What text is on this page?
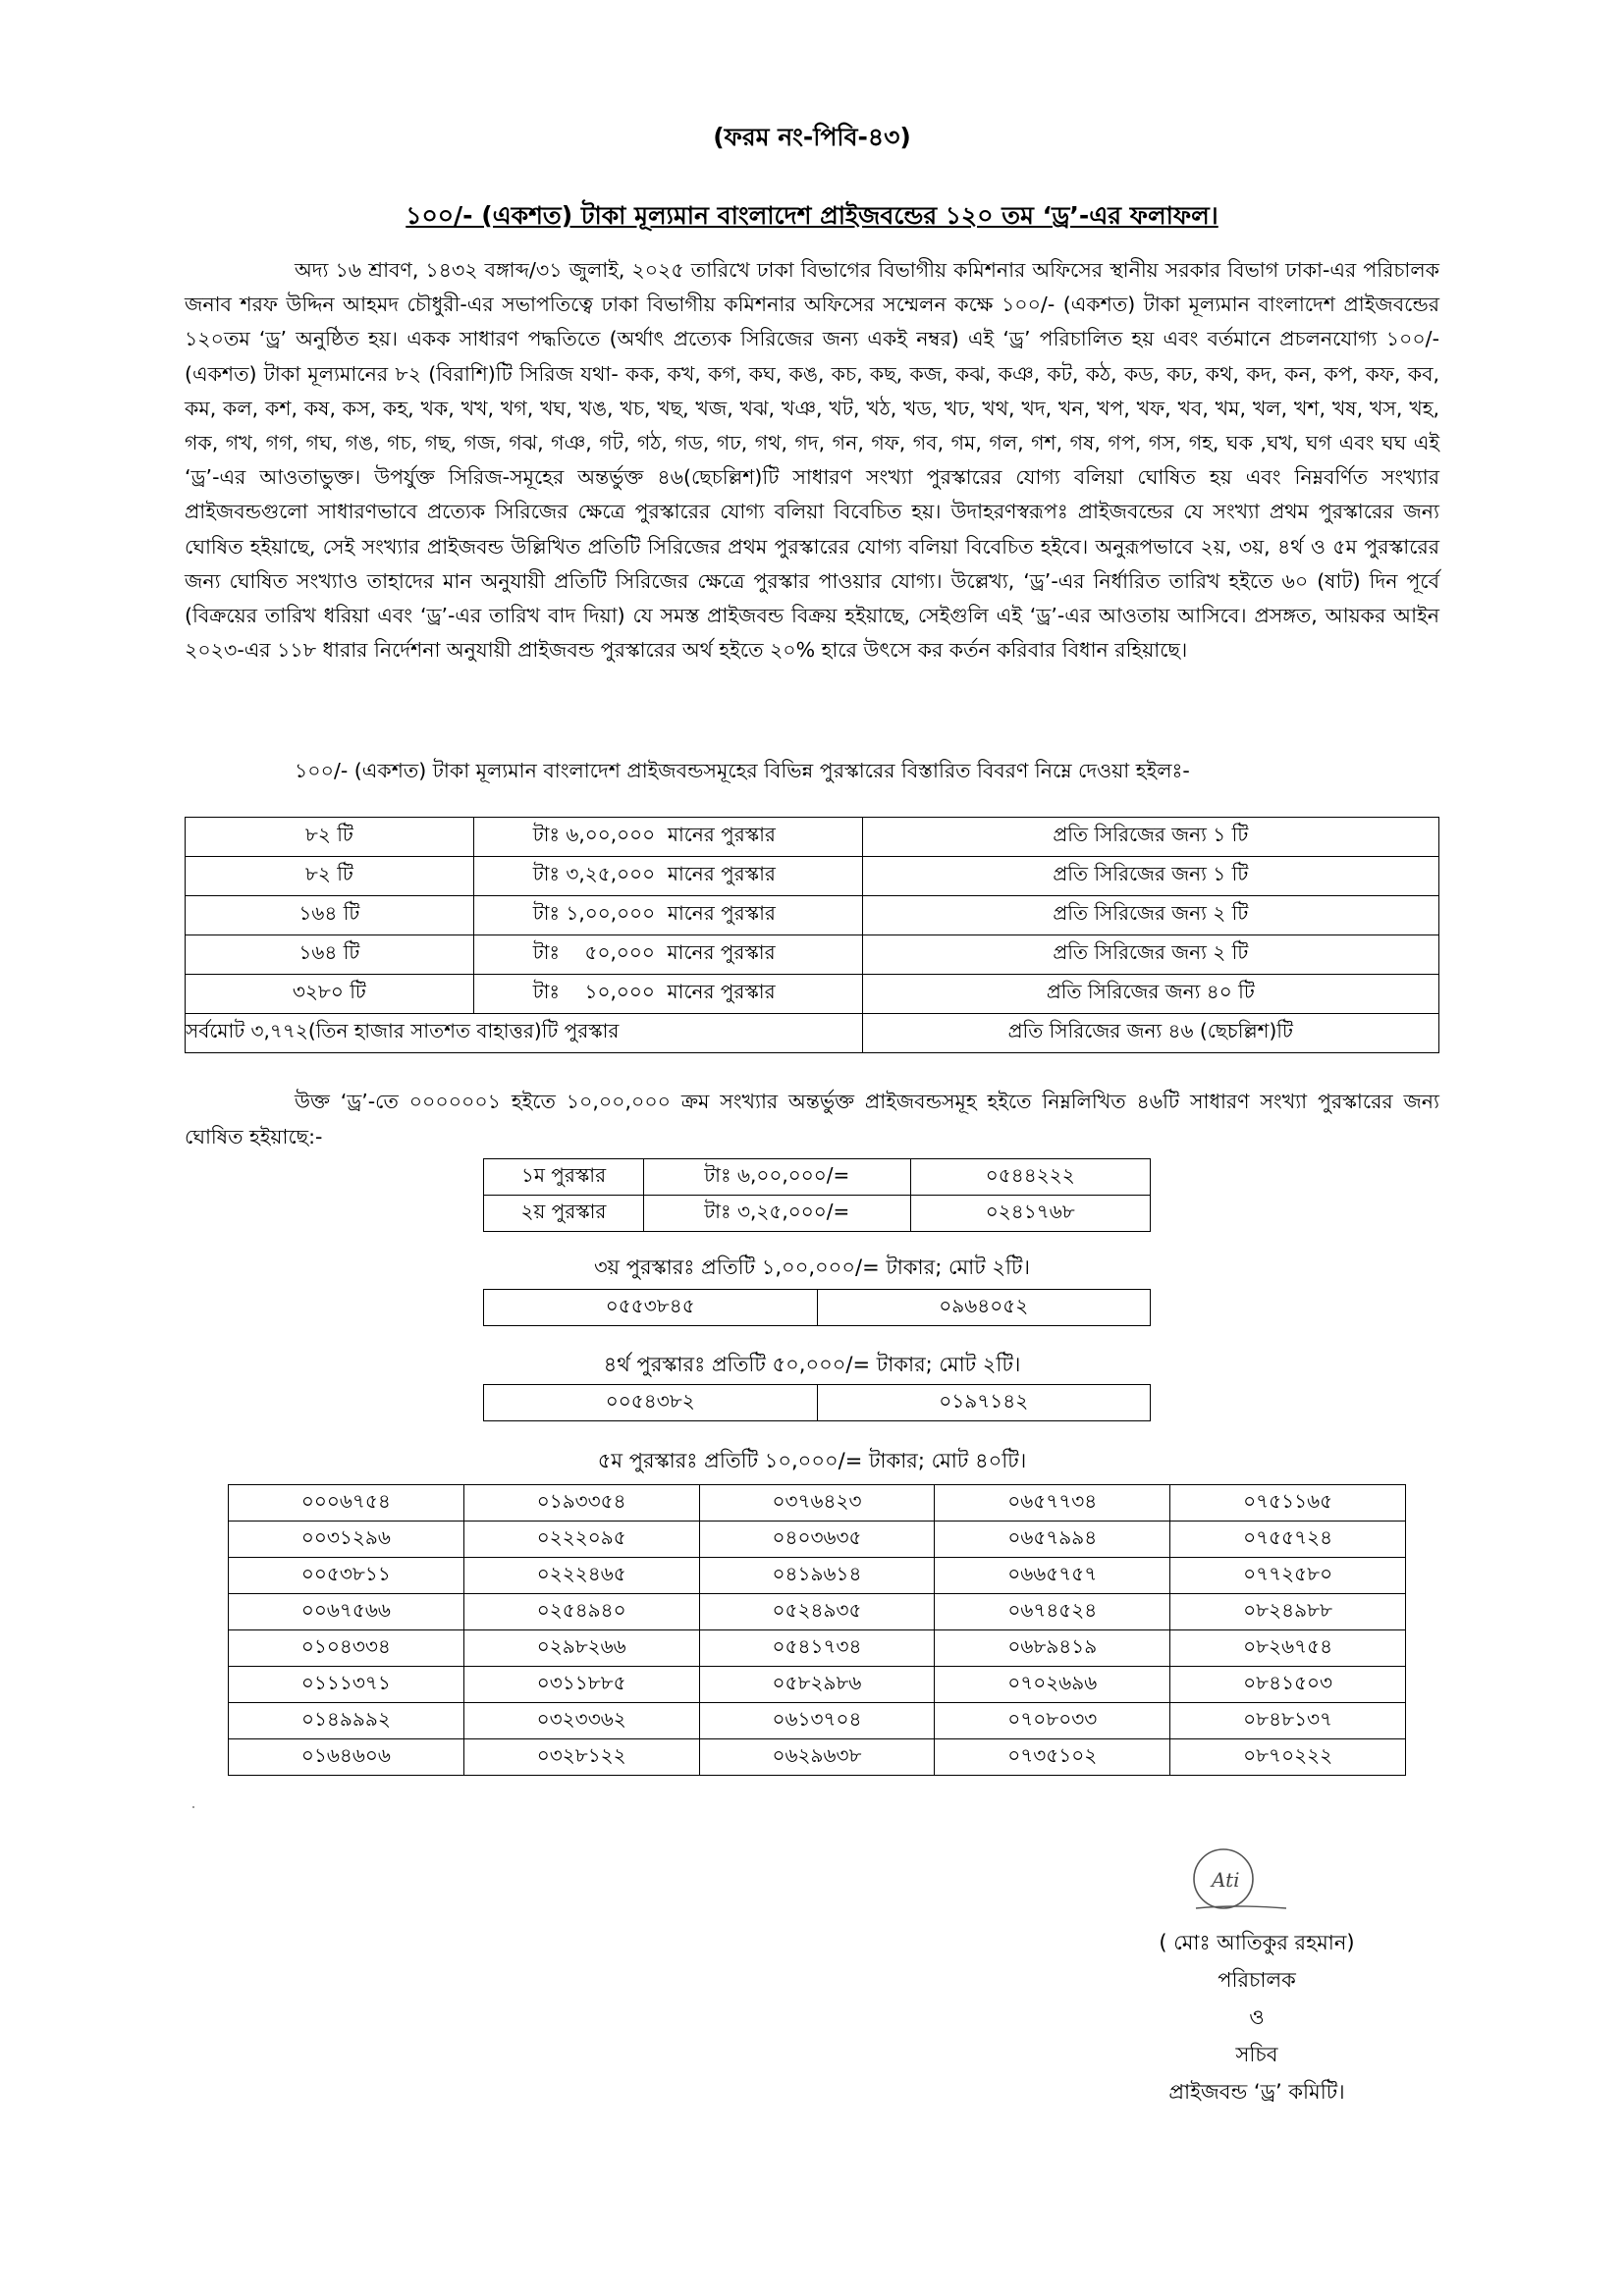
(ফরম নং-পিবি-৪৩)
১০০/- (একশত) টাকা মূল্যমান বাংলাদেশ প্রাইজবন্ডের ১২০ তম ‘ড্র’-এর ফলাফল।

অদ্য ১৬ শ্রাবণ, ১৪৩২ বঙ্গাব্দ/৩১ জুলাই, ২০২৫ তারিখে ঢাকা বিভাগের বিভাগীয় কমিশনার অফিসের স্থানীয় সরকার বিভাগ ঢাকা-এর পরিচালক জনাব শরফ উদ্দিন আহমদ চৌধুরী-এর সভাপতিত্বে ঢাকা বিভাগীয় কমিশনার অফিসের সম্মেলন কক্ষে ১০০/- (একশত) টাকা মূল্যমান বাংলাদেশ প্রাইজবন্ডের ১২০তম ‘ড্র’ অনুষ্ঠিত হয়। একক সাধারণ পদ্ধতিতে (অর্থাৎ প্রত্যেক সিরিজের জন্য একই নম্বর) এই ‘ড্র’ পরিচালিত হয় এবং বর্তমানে প্রচলনযোগ্য ১০০/- (একশত) টাকা মূল্যমানের ৮২ (বিরাশি)টি সিরিজ যথা- কক, কখ, কগ, কঘ, কঙ, কচ, কছ, কজ, কঝ, কঞ, কট, কঠ, কড, কঢ, কথ, কদ, কন, কপ, কফ, কব, কম, কল, কশ, কষ, কস, কহ, খক, খখ, খগ, খঘ, খঙ, খচ, খছ, খজ, খঝ, খঞ, খট, খঠ, খড, খঢ, খথ, খদ, খন, খপ, খফ, খব, খম, খল, খশ, খষ, খস, খহ, গক, গখ, গগ, গঘ, গঙ, গচ, গছ, গজ, গঝ, গঞ, গট, গঠ, গড, গঢ, গথ, গদ, গন, গফ, গব, গম, গল, গশ, গষ, গপ, গস, গহ, ঘক ,ঘখ, ঘগ এবং ঘঘ এই ‘ড্র’-এর আওতাভুক্ত। উপর্যুক্ত সিরিজ-সমূহের অন্তর্ভুক্ত ৪৬(ছেচল্লিশ)টি সাধারণ সংখ্যা পুরস্কারের যোগ্য বলিয়া ঘোষিত হয় এবং নিম্নবর্ণিত সংখ্যার প্রাইজবন্ডগুলো সাধারণভাবে প্রত্যেক সিরিজের ক্ষেত্রে পুরস্কারের যোগ্য বলিয়া বিবেচিত হয়। উদাহরণস্বরূপঃ প্রাইজবন্ডের যে সংখ্যা প্রথম পুরস্কারের জন্য ঘোষিত হইয়াছে, সেই সংখ্যার প্রাইজবন্ড উল্লিখিত প্রতিটি সিরিজের প্রথম পুরস্কারের যোগ্য বলিয়া বিবেচিত হইবে। অনুরূপভাবে ২য়, ৩য়, ৪র্থ ও ৫ম পুরস্কারের জন্য ঘোষিত সংখ্যাও তাহাদের মান অনুযায়ী প্রতিটি সিরিজের ক্ষেত্রে পুরস্কার পাওয়ার যোগ্য। উল্লেখ্য, ‘ড্র’-এর নির্ধারিত তারিখ হইতে ৬০ (ষাট) দিন পূর্বে (বিক্রয়ের তারিখ ধরিয়া এবং ‘ড্র’-এর তারিখ বাদ দিয়া) যে সমস্ত প্রাইজবন্ড বিক্রয় হইয়াছে, সেইগুলি এই ‘ড্র’-এর আওতায় আসিবে। প্রসঙ্গত, আয়কর আইন ২০২৩-এর ১১৮ ধারার নির্দেশনা অনুযায়ী প্রাইজবন্ড পুরস্কারের অর্থ হইতে ২০% হারে উৎসে কর কর্তন করিবার বিধান রহিয়াছে।

১০০/- (একশত) টাকা মূল্যমান বাংলাদেশ প্রাইজবন্ডসমূহের বিভিন্ন পুরস্কারের বিস্তারিত বিবরণ নিম্নে দেওয়া হইলঃ-
৮২ টি	টাঃ ৬,০০,০০০  মানের পুরস্কার	প্রতি সিরিজের জন্য ১ টি
৮২ টি	টাঃ ৩,২৫,০০০  মানের পুরস্কার	প্রতি সিরিজের জন্য ১ টি
১৬৪ টি	টাঃ ১,০০,০০০  মানের পুরস্কার	প্রতি সিরিজের জন্য ২ টি
১৬৪ টি	টাঃ    ৫০,০০০  মানের পুরস্কার	প্রতি সিরিজের জন্য ২ টি
৩২৮০ টি	টাঃ    ১০,০০০  মানের পুরস্কার	প্রতি সিরিজের জন্য ৪০ টি
সর্বমোট ৩,৭৭২(তিন হাজার সাতশত বাহাত্তর)টি পুরস্কার		প্রতি সিরিজের জন্য ৪৬ (ছেচল্লিশ)টি

উক্ত ‘ড্র’-তে ০০০০০০১ হইতে ১০,০০,০০০ ক্রম সংখ্যার অন্তর্ভুক্ত প্রাইজবন্ডসমূহ হইতে নিম্নলিখিত ৪৬টি সাধারণ সংখ্যা পুরস্কারের জন্য ঘোষিত হইয়াছে:-

১ম পুরস্কার	টাঃ ৬,০০,০০০/=	০৫৪৪২২২
২য় পুরস্কার	টাঃ ৩,২৫,০০০/=	০২৪১৭৬৮
৩য় পুরস্কারঃ প্রতিটি ১,০০,০০০/= টাকার; মোট ২টি।
০৫৫৩৮৪৫	০৯৬৪০৫২
৪র্থ পুরস্কারঃ প্রতিটি ৫০,০০০/= টাকার; মোট ২টি।
০০৫৪৩৮২	০১৯৭১৪২
৫ম পুরস্কারঃ প্রতিটি ১০,০০০/= টাকার; মোট ৪০টি।
০০০৬৭৫৪	০১৯৩৩৫৪	০৩৭৬৪২৩	০৬৫৭৭৩৪	০৭৫১১৬৫
০০৩১২৯৬	০২২২০৯৫	০৪০৩৬৩৫	০৬৫৭৯৯৪	০৭৫৫৭২৪
০০৫৩৮১১	০২২২৪৬৫	০৪১৯৬১৪	০৬৬৫৭৫৭	০৭৭২৫৮০
০০৬৭৫৬৬	০২৫৪৯৪০	০৫২৪৯৩৫	০৬৭৪৫২৪	০৮২৪৯৮৮
০১০৪৩৩৪	০২৯৮২৬৬	০৫৪১৭৩৪	০৬৮৯৪১৯	০৮২৬৭৫৪
০১১১৩৭১	০৩১১৮৮৫	০৫৮২৯৮৬	০৭০২৬৯৬	০৮৪১৫০৩
০১৪৯৯৯২	০৩২৩৩৬২	০৬১৩৭০৪	০৭০৮০৩৩	০৮৪৮১৩৭
০১৬৪৬০৬	০৩২৮১২২	০৬২৯৬৩৮	০৭৩৫১০২	০৮৭০২২২
Ati
( মোঃ আতিকুর রহমান)
পরিচালক
ও
সচিব
প্রাইজবন্ড ‘ড্র’ কমিটি।
